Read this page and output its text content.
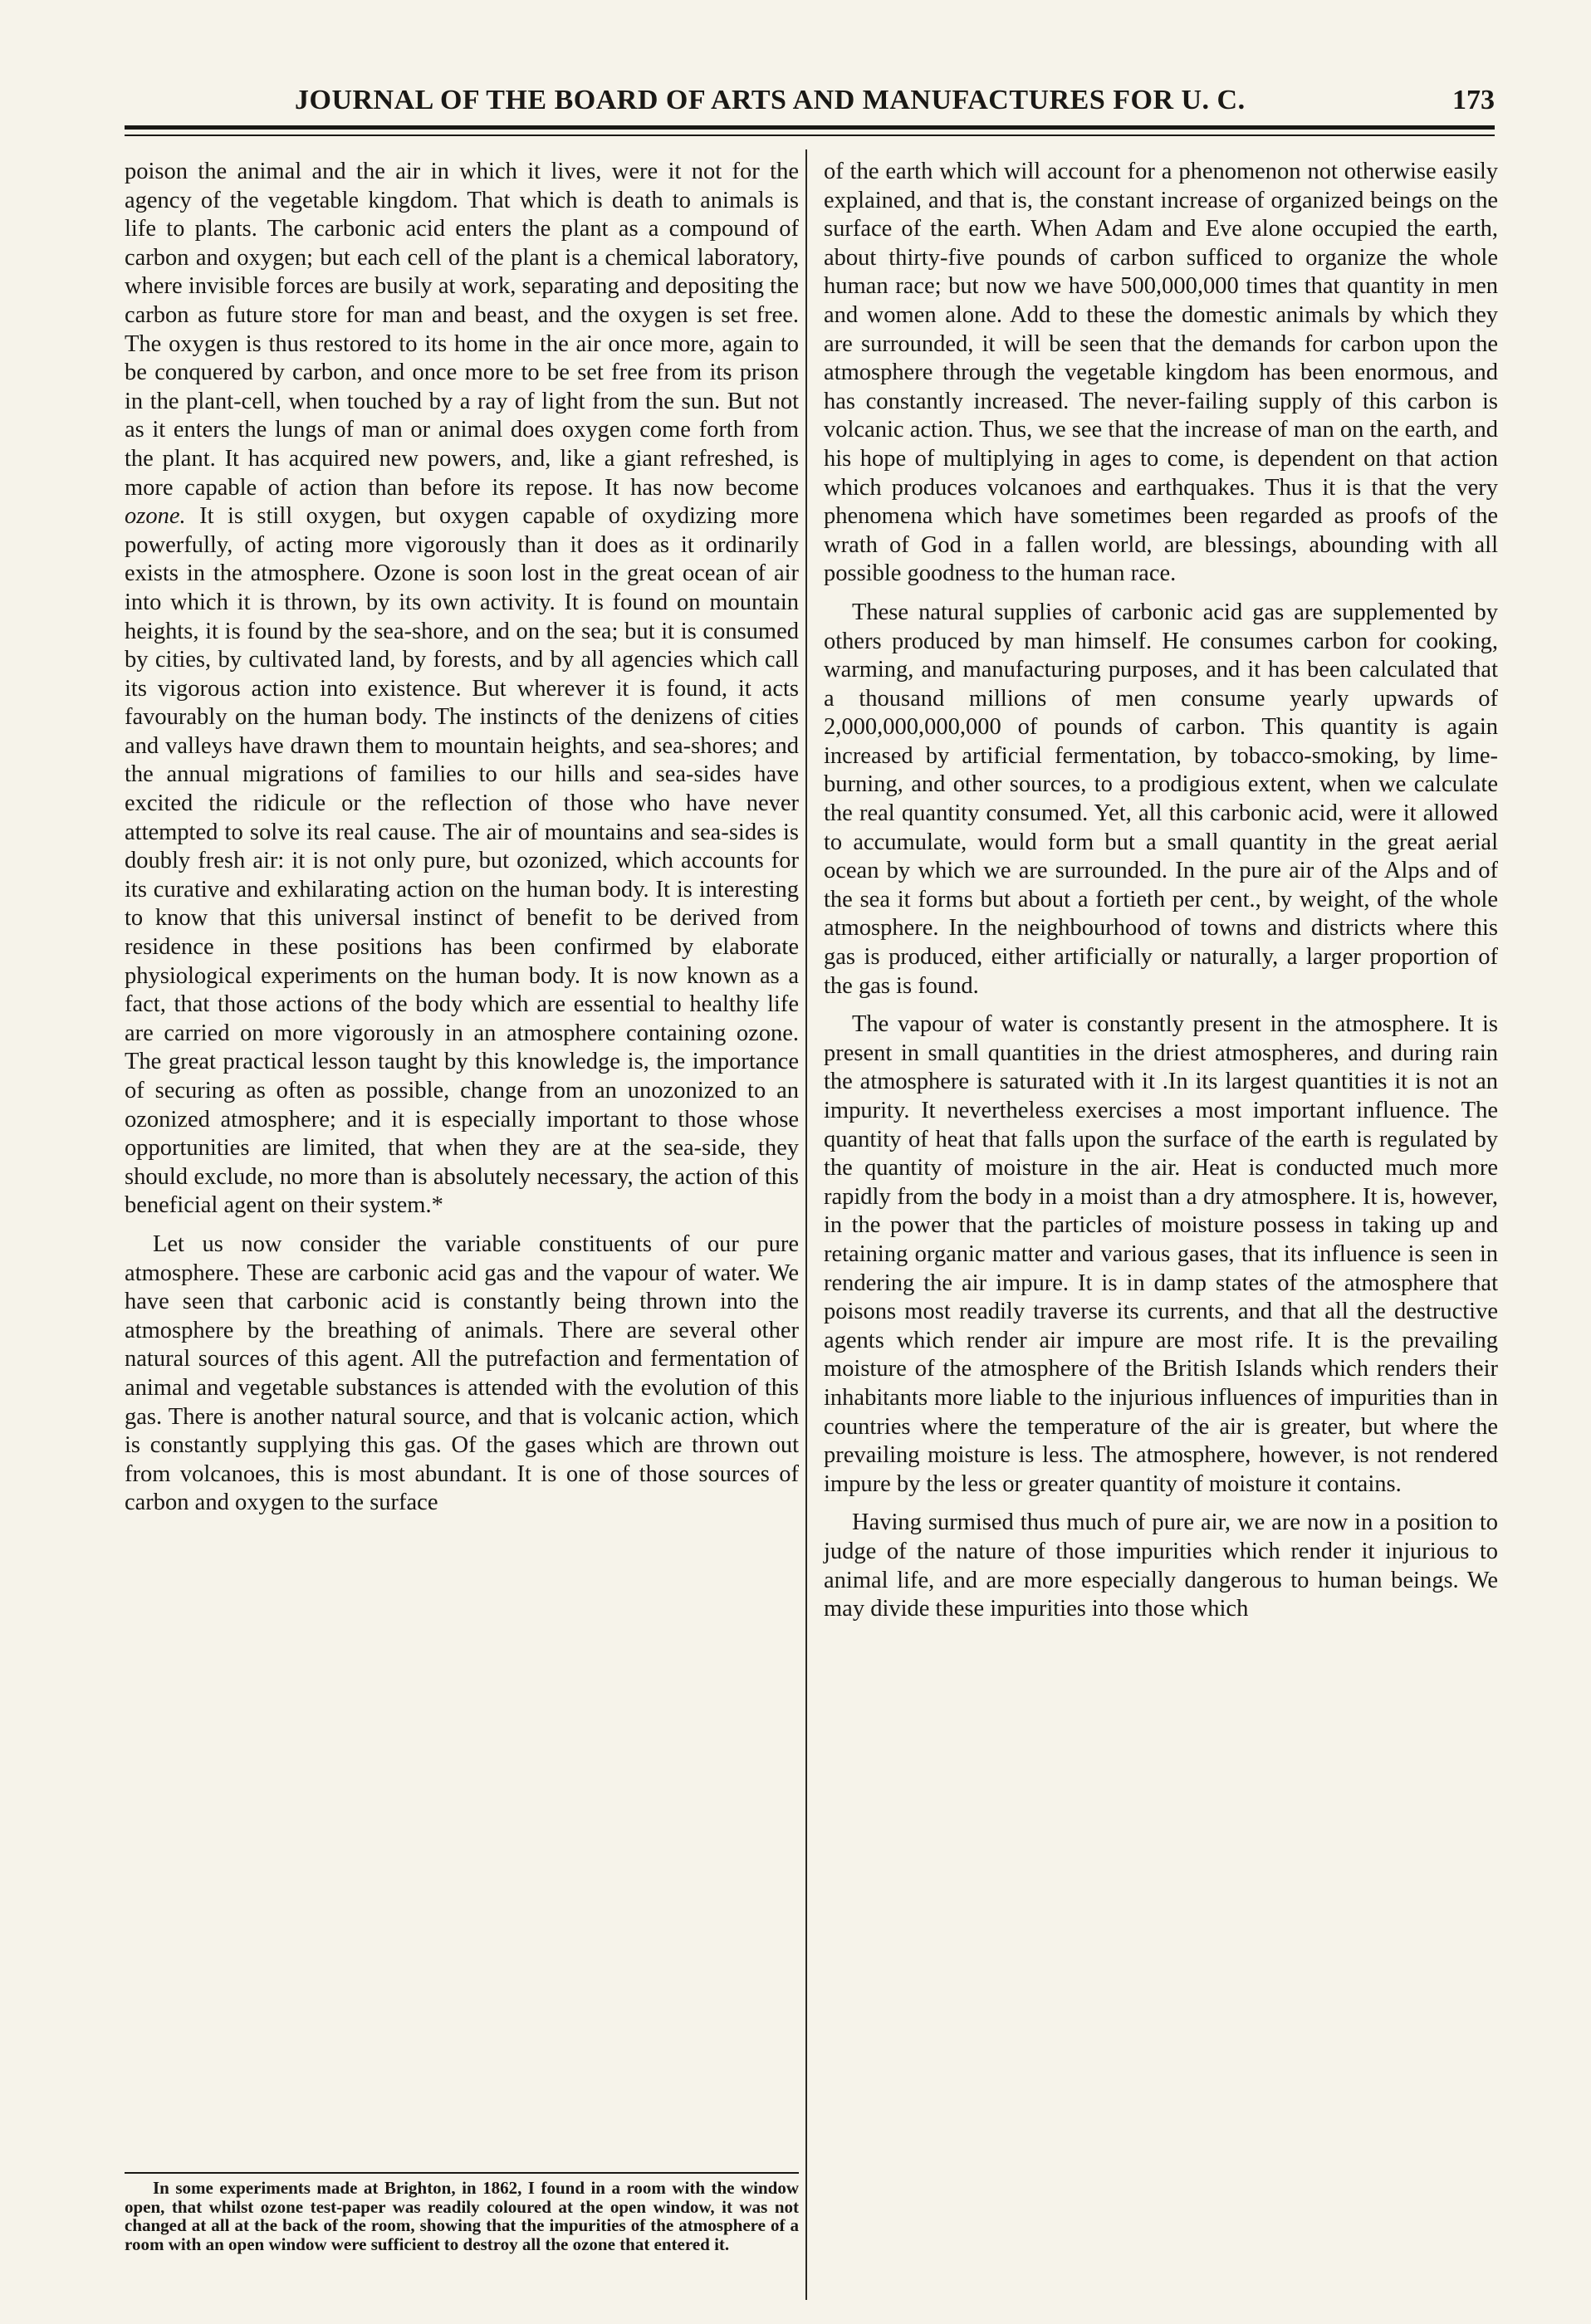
JOURNAL OF THE BOARD OF ARTS AND MANUFACTURES FOR U. C.	173

poison the animal and the air in which it lives, were it not for the agency of the vegetable kingdom. That which is death to animals is life to plants. The carbonic acid enters the plant as a compound of carbon and oxygen; but each cell of the plant is a chemical laboratory, where invisible forces are busily at work, separating and depositing the carbon as future store for man and beast, and the oxygen is set free. The oxygen is thus restored to its home in the air once more, again to be conquered by carbon, and once more to be set free from its prison in the plant-cell, when touched by a ray of light from the sun. But not as it enters the lungs of man or animal does oxygen come forth from the plant. It has acquired new powers, and, like a giant refreshed, is more capable of action than before its repose. It has now become ozone. It is still oxygen, but oxygen capable of oxydizing more powerfully, of acting more vigorously than it does as it ordinarily exists in the atmosphere. Ozone is soon lost in the great ocean of air into which it is thrown, by its own activity. It is found on mountain heights, it is found by the sea-shore, and on the sea; but it is consumed by cities, by cultivated land, by forests, and by all agencies which call its vigorous action into existence. But wherever it is found, it acts favourably on the human body. The instincts of the denizens of cities and valleys have drawn them to mountain heights, and sea-shores; and the annual migrations of families to our hills and sea-sides have excited the ridicule or the reflection of those who have never attempted to solve its real cause. The air of mountains and sea-sides is doubly fresh air: it is not only pure, but ozonized, which accounts for its curative and exhilarating action on the human body. It is interesting to know that this universal instinct of benefit to be derived from residence in these positions has been confirmed by elaborate physiological experiments on the human body. It is now known as a fact, that those actions of the body which are essential to healthy life are carried on more vigorously in an atmosphere containing ozone. The great practical lesson taught by this knowledge is, the importance of securing as often as possible, change from an unozonized to an ozonized atmosphere; and it is especially important to those whose opportunities are limited, that when they are at the sea-side, they should exclude, no more than is absolutely necessary, the action of this beneficial agent on their system.*

Let us now consider the variable constituents of our pure atmosphere. These are carbonic acid gas and the vapour of water. We have seen that carbonic acid is constantly being thrown into the atmosphere by the breathing of animals. There are several other natural sources of this agent. All the putrefaction and fermentation of animal and vegetable substances is attended with the evolution of this gas. There is another natural source, and that is volcanic action, which is constantly supplying this gas. Of the gases which are thrown out from volcanoes, this is most abundant. It is one of those sources of carbon and oxygen to the surface

of the earth which will account for a phenomenon not otherwise easily explained, and that is, the constant increase of organized beings on the surface of the earth. When Adam and Eve alone occupied the earth, about thirty-five pounds of carbon sufficed to organize the whole human race; but now we have 500,000,000 times that quantity in men and women alone. Add to these the domestic animals by which they are surrounded, it will be seen that the demands for carbon upon the atmosphere through the vegetable kingdom has been enormous, and has constantly increased. The never-failing supply of this carbon is volcanic action. Thus, we see that the increase of man on the earth, and his hope of multiplying in ages to come, is dependent on that action which produces volcanoes and earthquakes. Thus it is that the very phenomena which have sometimes been regarded as proofs of the wrath of God in a fallen world, are blessings, abounding with all possible goodness to the human race.

These natural supplies of carbonic acid gas are supplemented by others produced by man himself. He consumes carbon for cooking, warming, and manufacturing purposes, and it has been calculated that a thousand millions of men consume yearly upwards of 2,000,000,000,000 of pounds of carbon. This quantity is again increased by artificial fermentation, by tobacco-smoking, by lime-burning, and other sources, to a prodigious extent, when we calculate the real quantity consumed. Yet, all this carbonic acid, were it allowed to accumulate, would form but a small quantity in the great aerial ocean by which we are surrounded. In the pure air of the Alps and of the sea it forms but about a fortieth per cent., by weight, of the whole atmosphere. In the neighbourhood of towns and districts where this gas is produced, either artificially or naturally, a larger proportion of the gas is found.

The vapour of water is constantly present in the atmosphere. It is present in small quantities in the driest atmospheres, and during rain the atmosphere is saturated with it .In its largest quantities it is not an impurity. It nevertheless exercises a most important influence. The quantity of heat that falls upon the surface of the earth is regulated by the quantity of moisture in the air. Heat is conducted much more rapidly from the body in a moist than a dry atmosphere. It is, however, in the power that the particles of moisture possess in taking up and retaining organic matter and various gases, that its influence is seen in rendering the air impure. It is in damp states of the atmosphere that poisons most readily traverse its currents, and that all the destructive agents which render air impure are most rife. It is the prevailing moisture of the atmosphere of the British Islands which renders their inhabitants more liable to the injurious influences of impurities than in countries where the temperature of the air is greater, but where the prevailing moisture is less. The atmosphere, however, is not rendered impure by the less or greater quantity of moisture it contains.

Having surmised thus much of pure air, we are now in a position to judge of the nature of those impurities which render it injurious to animal life, and are more especially dangerous to human beings. We may divide these impurities into those which

In some experiments made at Brighton, in 1862, I found in a room with the window open, that whilst ozone test-paper was readily coloured at the open window, it was not changed at all at the back of the room, showing that the impurities of the atmosphere of a room with an open window were sufficient to destroy all the ozone that entered it.
